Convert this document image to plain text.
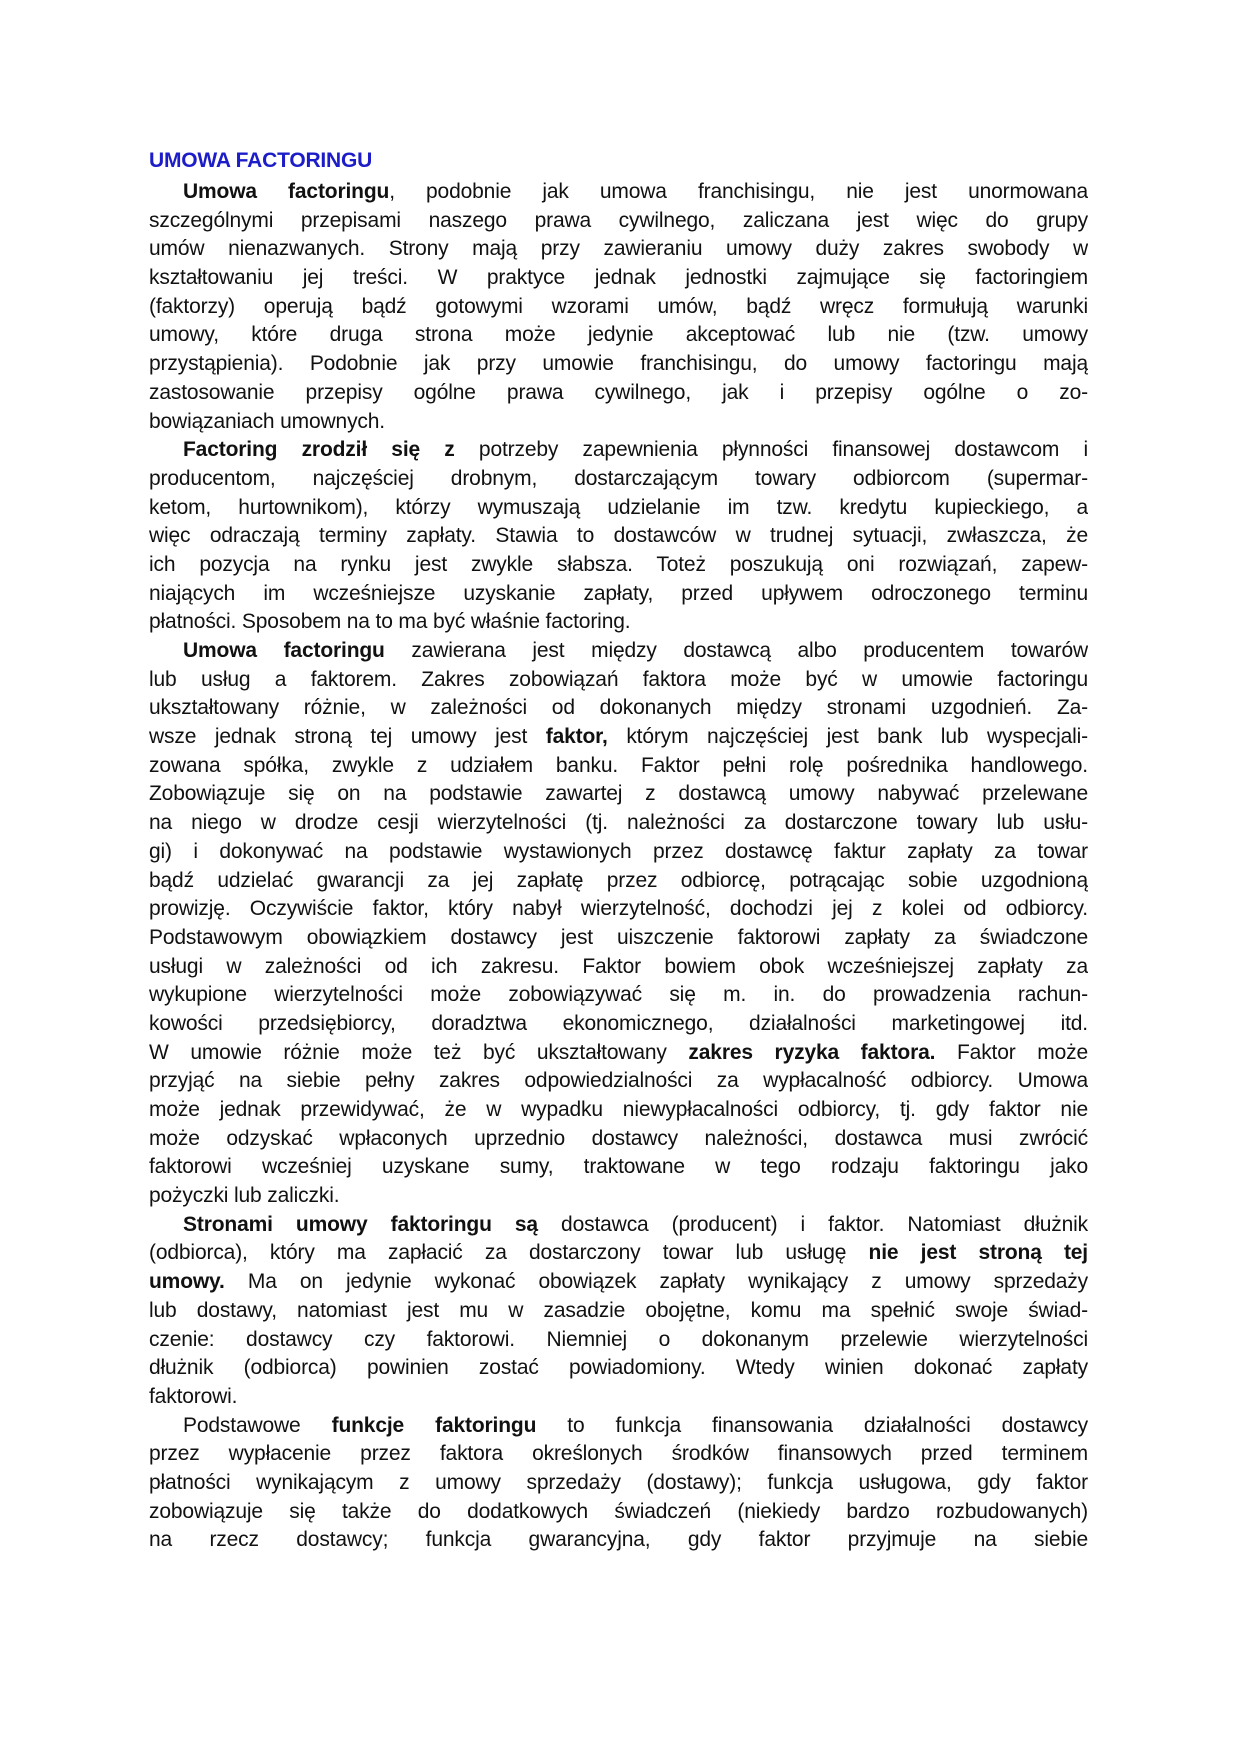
UMOWA FACTORINGU
Umowa factoringu, podobnie jak umowa franchisingu, nie jest unormowana
szczególnymi przepisami naszego prawa cywilnego, zaliczana jest więc do grupy
umów nienazwanych. Strony mają przy zawieraniu umowy duży zakres swobody w
kształtowaniu jej treści. W praktyce jednak jednostki zajmujące się factoringiem
(faktorzy) operują bądź gotowymi wzorami umów, bądź wręcz formułują warunki
umowy, które druga strona może jedynie akceptować lub nie (tzw. umowy
przystąpienia). Podobnie jak przy umowie franchisingu, do umowy factoringu mają
zastosowanie przepisy ogólne prawa cywilnego, jak i przepisy ogólne o zo-
bowiązaniach umownych.
Factoring zrodził się z potrzeby zapewnienia płynności finansowej dostawcom i
producentom, najczęściej drobnym, dostarczającym towary odbiorcom (supermar-
ketom, hurtownikom), którzy wymuszają udzielanie im tzw. kredytu kupieckiego, a
więc odraczają terminy zapłaty. Stawia to dostawców w trudnej sytuacji, zwłaszcza, że
ich pozycja na rynku jest zwykle słabsza. Toteż poszukują oni rozwiązań, zapew-
niających im wcześniejsze uzyskanie zapłaty, przed upływem odroczonego terminu
płatności. Sposobem na to ma być właśnie factoring.
Umowa factoringu zawierana jest między dostawcą albo producentem towarów
lub usług a faktorem. Zakres zobowiązań faktora może być w umowie factoringu
ukształtowany różnie, w zależności od dokonanych między stronami uzgodnień. Za-
wsze jednak stroną tej umowy jest faktor, którym najczęściej jest bank lub wyspecjali-
zowana spółka, zwykle z udziałem banku. Faktor pełni rolę pośrednika handlowego.
Zobowiązuje się on na podstawie zawartej z dostawcą umowy nabywać przelewane
na niego w drodze cesji wierzytelności (tj. należności za dostarczone towary lub usłu-
gi) i dokonywać na podstawie wystawionych przez dostawcę faktur zapłaty za towar
bądź udzielać gwarancji za jej zapłatę przez odbiorcę, potrącając sobie uzgodnioną
prowizję. Oczywiście faktor, który nabył wierzytelność, dochodzi jej z kolei od odbiorcy.
Podstawowym obowiązkiem dostawcy jest uiszczenie faktorowi zapłaty za świadczone
usługi w zależności od ich zakresu. Faktor bowiem obok wcześniejszej zapłaty za
wykupione wierzytelności może zobowiązywać się m. in. do prowadzenia rachun-
kowości przedsiębiorcy, doradztwa ekonomicznego, działalności marketingowej itd.
W umowie różnie może też być ukształtowany zakres ryzyka faktora. Faktor może
przyjąć na siebie pełny zakres odpowiedzialności za wypłacalność odbiorcy. Umowa
może jednak przewidywać, że w wypadku niewypłacalności odbiorcy, tj. gdy faktor nie
może odzyskać wpłaconych uprzednio dostawcy należności, dostawca musi zwrócić
faktorowi wcześniej uzyskane sumy, traktowane w tego rodzaju faktoringu jako
pożyczki lub zaliczki.
Stronami umowy faktoringu są dostawca (producent) i faktor. Natomiast dłużnik
(odbiorca), który ma zapłacić za dostarczony towar lub usługę nie jest stroną tej
umowy. Ma on jedynie wykonać obowiązek zapłaty wynikający z umowy sprzedaży
lub dostawy, natomiast jest mu w zasadzie obojętne, komu ma spełnić swoje świad-
czenie: dostawcy czy faktorowi. Niemniej o dokonanym przelewie wierzytelności
dłużnik (odbiorca) powinien zostać powiadomiony. Wtedy winien dokonać zapłaty
faktorowi.
Podstawowe funkcje faktoringu to funkcja finansowania działalności dostawcy
przez wypłacenie przez faktora określonych środków finansowych przed terminem
płatności wynikającym z umowy sprzedaży (dostawy); funkcja usługowa, gdy faktor
zobowiązuje się także do dodatkowych świadczeń (niekiedy bardzo rozbudowanych)
na rzecz dostawcy; funkcja gwarancyjna, gdy faktor przyjmuje na siebie
